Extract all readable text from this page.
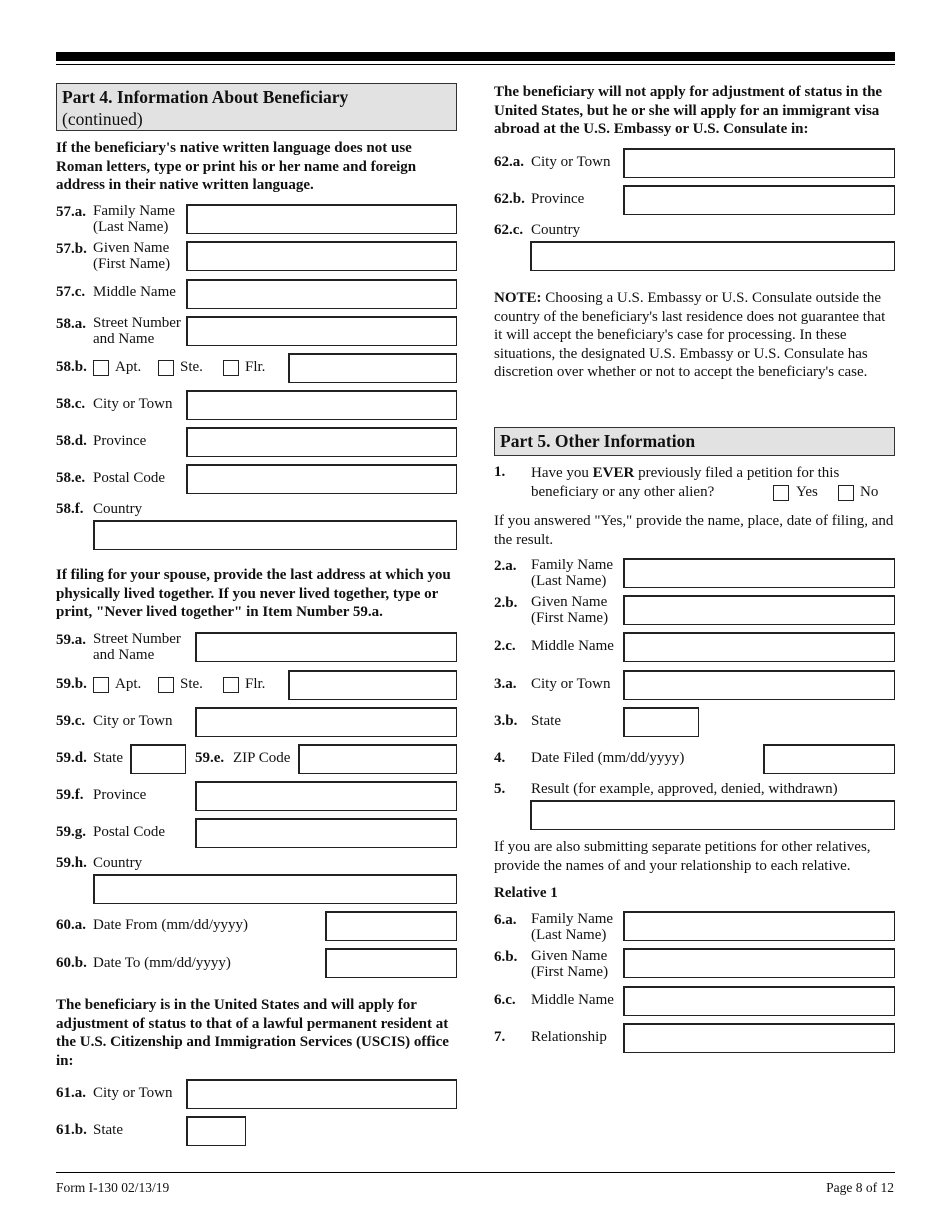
Part 4. Information About Beneficiary
(continued)
If the beneficiary's native written language does not use Roman letters, type or print his or her name and foreign address in their native written language.
57.a. Family Name
(Last Name)
57.b. Given Name
(First Name)
57.c. Middle Name
58.a. Street Number
and Name
58.b. Apt.	Ste.	Flr.
58.c. City or Town
58.d. Province
58.e. Postal Code
58.f. Country
If filing for your spouse, provide the last address at which you physically lived together. If you never lived together, type or print, "Never lived together" in Item Number 59.a.
59.a. Street Number
and Name
59.b. Apt.	Ste.	Flr.
59.c. City or Town
59.d. State	59.e. ZIP Code
59.f. Province
59.g. Postal Code
59.h. Country
60.a. Date From (mm/dd/yyyy)
60.b. Date To (mm/dd/yyyy)
The beneficiary is in the United States and will apply for adjustment of status to that of a lawful permanent resident at the U.S. Citizenship and Immigration Services (USCIS) office in:
61.a. City or Town
61.b. State
The beneficiary will not apply for adjustment of status in the United States, but he or she will apply for an immigrant visa abroad at the U.S. Embassy or U.S. Consulate in:
62.a. City or Town
62.b. Province
62.c. Country
NOTE: Choosing a U.S. Embassy or U.S. Consulate outside the country of the beneficiary's last residence does not guarantee that it will accept the beneficiary's case for processing. In these situations, the designated U.S. Embassy or U.S. Consulate has discretion over whether or not to accept the beneficiary's case.
Part 5. Other Information
1. Have you EVER previously filed a petition for this
beneficiary or any other alien?	Yes	No
If you answered "Yes," provide the name, place, date of filing, and the result.
2.a. Family Name
(Last Name)
2.b. Given Name
(First Name)
2.c. Middle Name
3.a. City or Town
3.b. State
4. Date Filed (mm/dd/yyyy)
5. Result (for example, approved, denied, withdrawn)
If you are also submitting separate petitions for other relatives, provide the names of and your relationship to each relative.
Relative 1
6.a. Family Name
(Last Name)
6.b. Given Name
(First Name)
6.c. Middle Name
7. Relationship
Form I-130 02/13/19	Page 8 of 12
